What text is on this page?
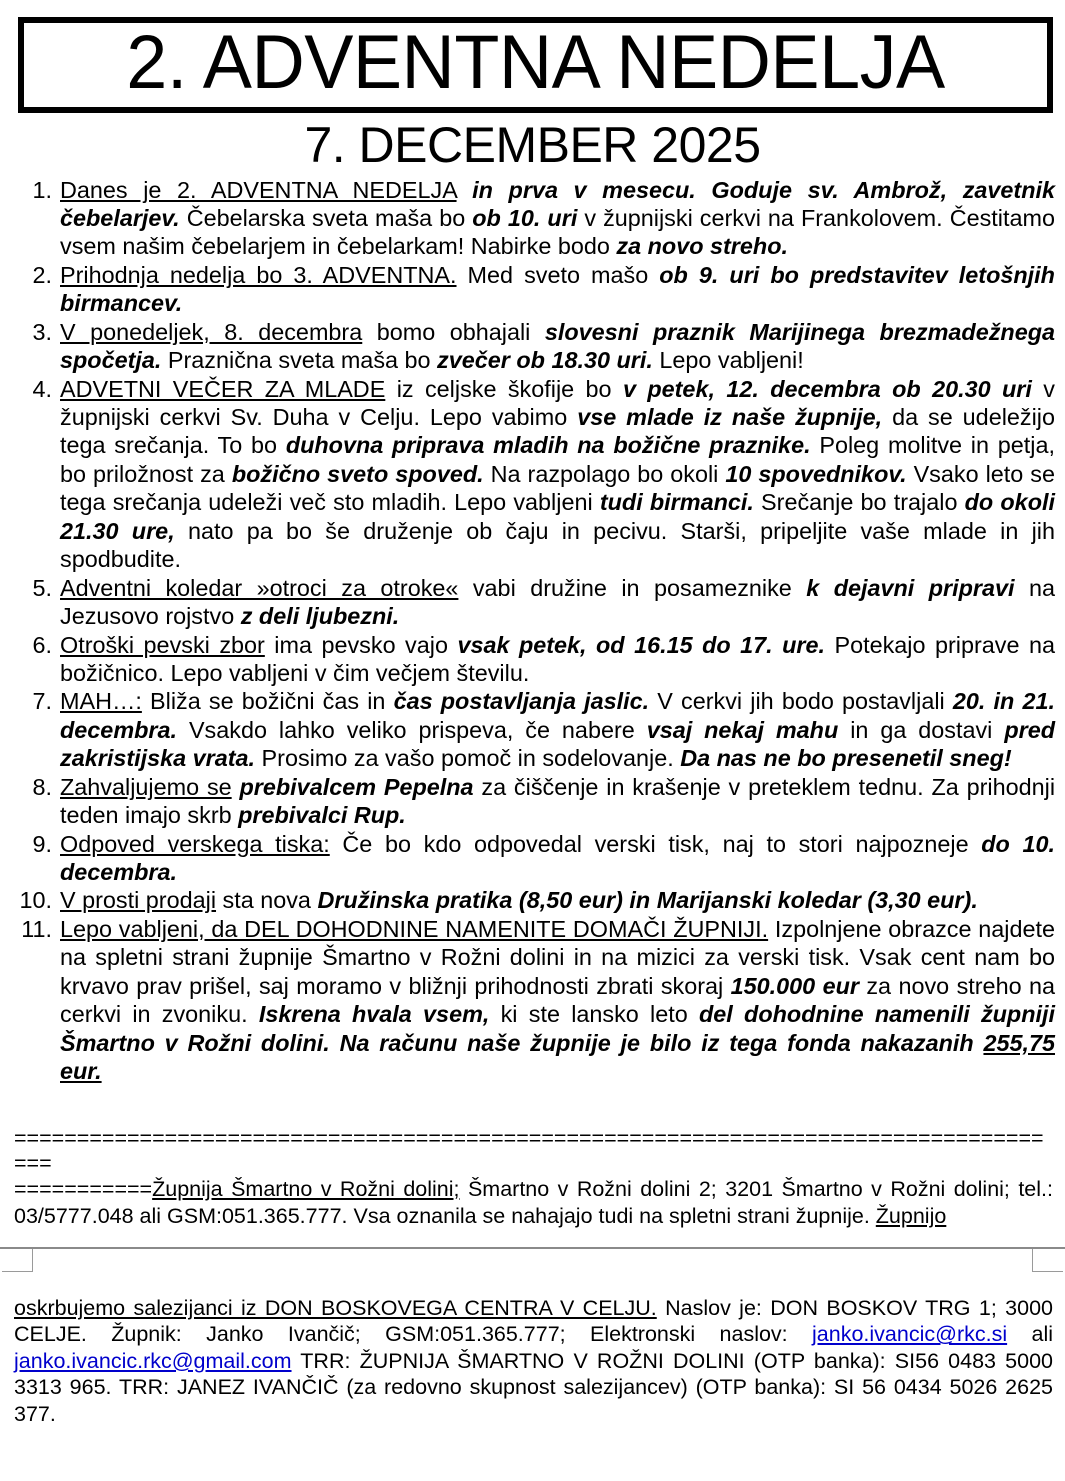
2. ADVENTNA NEDELJA
7. DECEMBER 2025
1. Danes je 2. ADVENTNA NEDELJA in prva v mesecu. Goduje sv. Ambrož, zavetnik čebelarjev. Čebelarska sveta maša bo ob 10. uri v župnijski cerkvi na Frankolovem. Čestitamo vsem našim čebelarjem in čebelarkam! Nabirke bodo za novo streho.
2. Prihodnja nedelja bo 3. ADVENTNA. Med sveto mašo ob 9. uri bo predstavitev letošnjih birmancev.
3. V ponedeljek, 8. decembra bomo obhajali slovesni praznik Marijinega brezmadežnega spočetja. Praznična sveta maša bo zvečer ob 18.30 uri. Lepo vabljeni!
4. ADVETNI VEČER ZA MLADE iz celjske škofije bo v petek, 12. decembra ob 20.30 uri v župnijski cerkvi Sv. Duha v Celju. Lepo vabimo vse mlade iz naše župnije, da se udeležijo tega srečanja. To bo duhovna priprava mladih na božične praznike. Poleg molitve in petja, bo priložnost za božično sveto spoved. Na razpolago bo okoli 10 spovednikov. Vsako leto se tega srečanja udeleži več sto mladih. Lepo vabljeni tudi birmanci. Srečanje bo trajalo do okoli 21.30 ure, nato pa bo še druženje ob čaju in pecivu. Starši, pripeljite vaše mlade in jih spodbudite.
5. Adventni koledar »otroci za otroke« vabi družine in posameznike k dejavni pripravi na Jezusovo rojstvo z deli ljubezni.
6. Otroški pevski zbor ima pevsko vajo vsak petek, od 16.15 do 17. ure. Potekajo priprave na božičnico. Lepo vabljeni v čim večjem številu.
7. MAH…: Bliža se božični čas in čas postavljanja jaslic. V cerkvi jih bodo postavljali 20. in 21. decembra. Vsakdo lahko veliko prispeva, če nabere vsaj nekaj mahu in ga dostavi pred zakristijska vrata. Prosimo za vašo pomoč in sodelovanje. Da nas ne bo presenetil sneg!
8. Zahvaljujemo se prebivalcem Pepelna za čiščenje in krašenje v preteklem tednu. Za prihodnji teden imajo skrb prebivalci Rup.
9. Odpoved verskega tiska: Če bo kdo odpovedal verski tisk, naj to stori najpozneje do 10. decembra.
10. V prosti prodaji sta nova Družinska pratika (8,50 eur) in Marijanski koledar (3,30 eur).
11. Lepo vabljeni, da DEL DOHODNINE NAMENITE DOMAČI ŽUPNIJI. Izpolnjene obrazce najdete na spletni strani župnije Šmartno v Rožni dolini in na mizici za verski tisk. Vsak cent nam bo krvavo prav prišel, saj moramo v bližnji prihodnosti zbrati skoraj 150.000 eur za novo streho na cerkvi in zvoniku. Iskrena hvala vsem, ki ste lansko leto del dohodnine namenili župniji Šmartno v Rožni dolini. Na računu naše župnije je bilo iz tega fonda nakazanih 255,75 eur.

=====================================================================================

===========Župnija Šmartno v Rožni dolini; Šmartno v Rožni dolini 2; 3201 Šmartno v Rožni dolini; tel.: 03/5777.048 ali GSM:051.365.777. Vsa oznanila se nahajajo tudi na spletni strani župnije. Župnijo

oskrbujemo salezijanci iz DON BOSKOVEGA CENTRA V CELJU. Naslov je: DON BOSKOV TRG 1; 3000 CELJE. Župnik: Janko Ivančič; GSM:051.365.777; Elektronski naslov: janko.ivancic@rkc.si ali janko.ivancic.rkc@gmail.com TRR: ŽUPNIJA ŠMARTNO V ROŽNI DOLINI (OTP banka): SI56 0483 5000 3313 965. TRR: JANEZ IVANČIČ (za redovno skupnost salezijancev) (OTP banka): SI 56 0434 5026 2625 377.
